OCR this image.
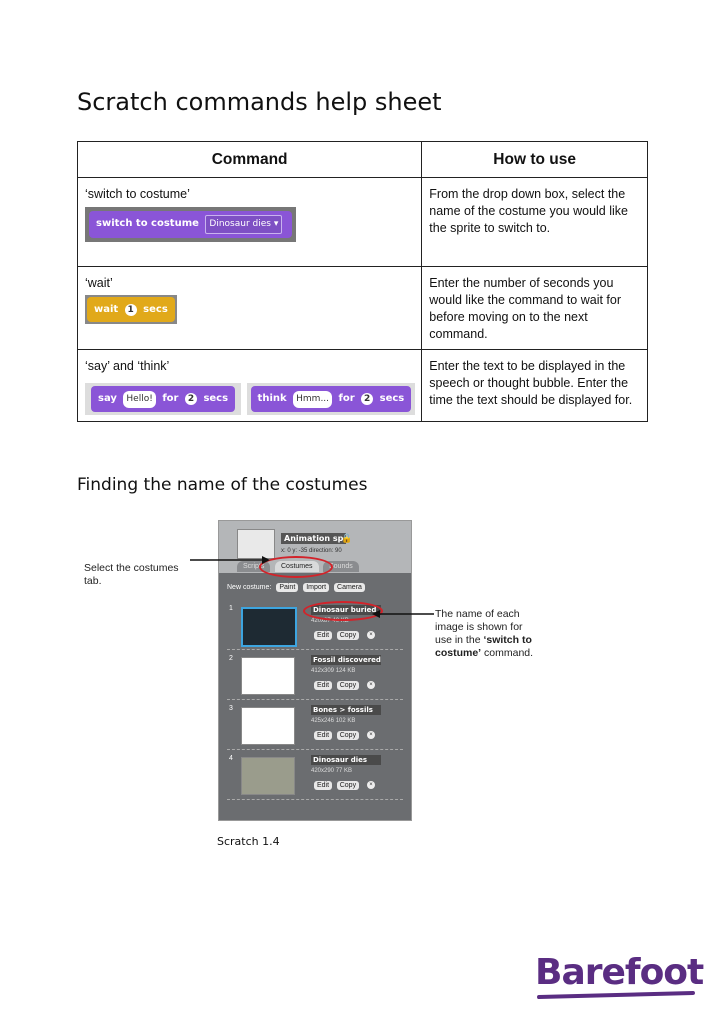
Scratch commands help sheet
Command	How to use

‘switch to costume’
switch to costume Dinosaur dies ▾	From the drop down box, select the name of the costume you would like the sprite to switch to.

‘wait’
wait 1 secs	Enter the number of seconds you would like the command to wait for before moving on to the next command.

‘say’ and ‘think’
say Hello! for 2 secs think Hmm... for 2 secs	Enter the text to be displayed in the speech or thought bubble. Enter the time the text should be displayed for.
Finding the name of the costumes
Animation sp
🔒
x: 0 y: -35 direction: 90
Scripts	Costumes	Sounds
New costume: Paint Import Camera
1	Dinosaur buried
420x87 40 KB
Edit Copy	×
2	Fossil discovered
412x309 124 KB
Edit Copy	×
3	Bones > fossils
425x246 102 KB
Edit Copy	×
4	Dinosaur dies
420x290 77 KB
Edit Copy	×
Select the costumes tab.
The name of each image is shown for use in the ‘switch to costume’ command.
Scratch 1.4
Barefoot
